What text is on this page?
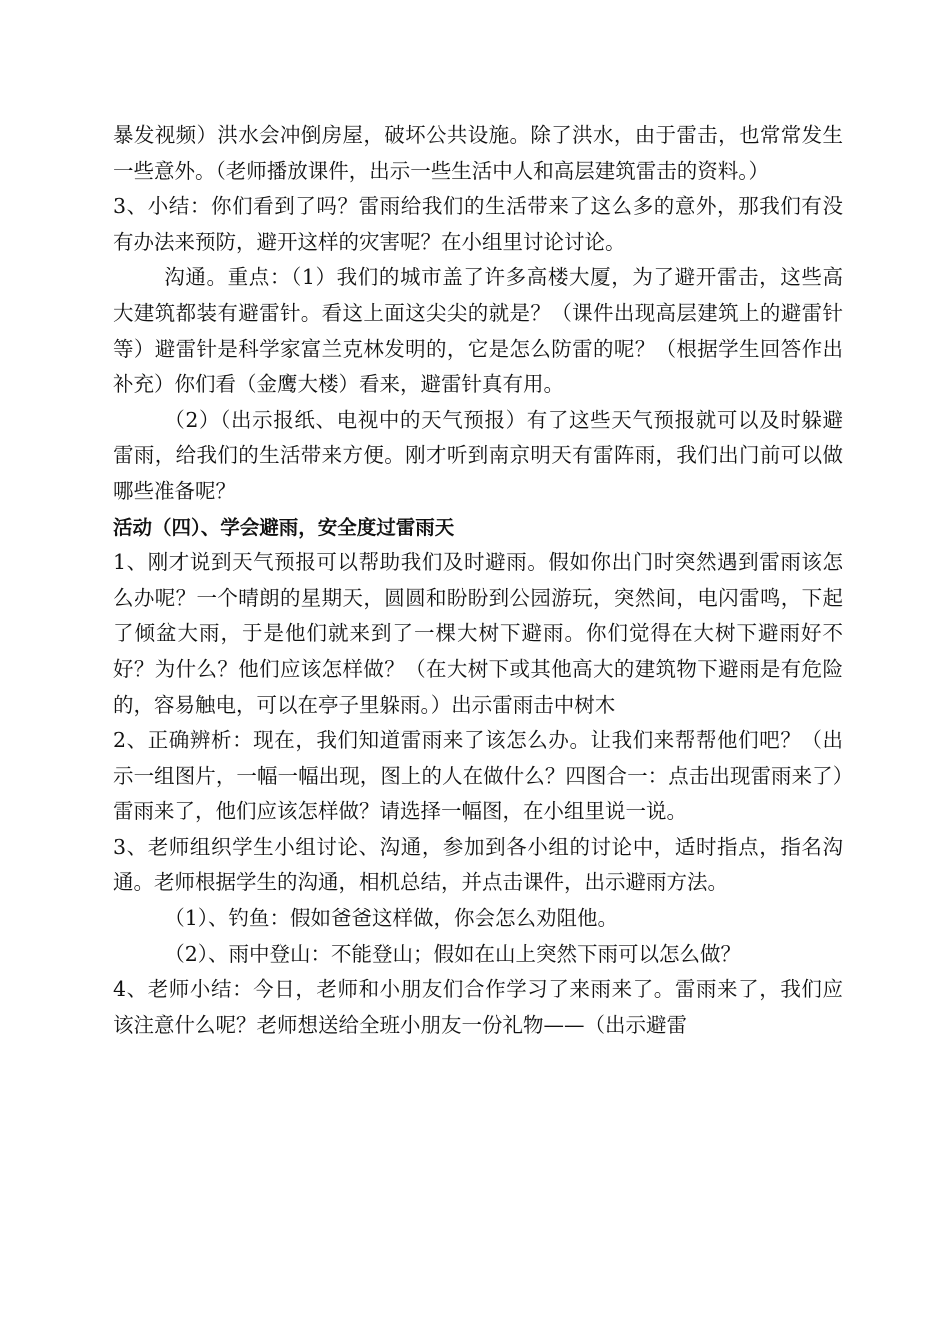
暴发视频）洪水会冲倒房屋，破坏公共设施。除了洪水，由于雷击，也常常发生一些意外。（老师播放课件，出示一些生活中人和高层建筑雷击的资料。）

3、小结：你们看到了吗？雷雨给我们的生活带来了这么多的意外，那我们有没有办法来预防，避开这样的灾害呢？在小组里讨论讨论。

沟通。重点：（1）我们的城市盖了许多高楼大厦，为了避开雷击，这些高大建筑都装有避雷针。看这上面这尖尖的就是？（课件出现高层建筑上的避雷针等）避雷针是科学家富兰克林发明的，它是怎么防雷的呢？（根据学生回答作出补充）你们看（金鹰大楼）看来，避雷针真有用。

（2）（出示报纸、电视中的天气预报）有了这些天气预报就可以及时躲避雷雨，给我们的生活带来方便。刚才听到南京明天有雷阵雨，我们出门前可以做哪些准备呢？

活动（四）、学会避雨，安全度过雷雨天

1、刚才说到天气预报可以帮助我们及时避雨。假如你出门时突然遇到雷雨该怎么办呢？一个晴朗的星期天，圆圆和盼盼到公园游玩，突然间，电闪雷鸣，下起了倾盆大雨，于是他们就来到了一棵大树下避雨。你们觉得在大树下避雨好不好？为什么？他们应该怎样做？（在大树下或其他高大的建筑物下避雨是有危险的，容易触电，可以在亭子里躲雨。）出示雷雨击中树木

2、正确辨析：现在，我们知道雷雨来了该怎么办。让我们来帮帮他们吧？（出示一组图片，一幅一幅出现，图上的人在做什么？四图合一：点击出现雷雨来了）雷雨来了，他们应该怎样做？请选择一幅图，在小组里说一说。

3、老师组织学生小组讨论、沟通，参加到各小组的讨论中，适时指点，指名沟通。老师根据学生的沟通，相机总结，并点击课件，出示避雨方法。

（1）、钓鱼：假如爸爸这样做，你会怎么劝阻他。

（2）、雨中登山：不能登山；假如在山上突然下雨可以怎么做？

4、老师小结：今日，老师和小朋友们合作学习了来雨来了。雷雨来了，我们应该注意什么呢？老师想送给全班小朋友一份礼物——（出示避雷
